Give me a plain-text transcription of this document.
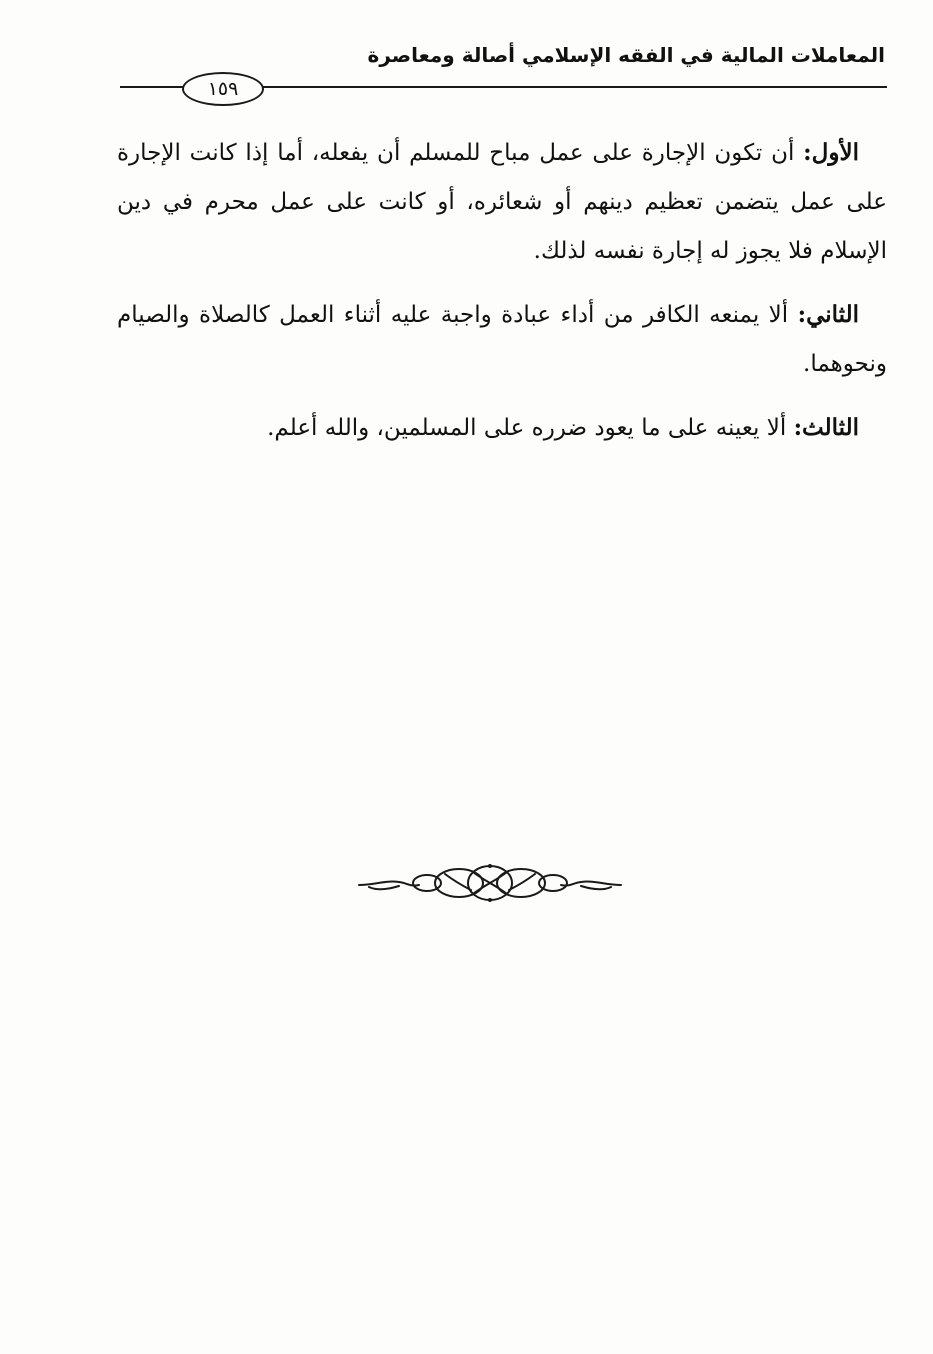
المعاملات المالية في الفقه الإسلامي أصالة ومعاصرة
١٥٩

الأول: أن تكون الإجارة على عمل مباح للمسلم أن يفعله، أما إذا كانت الإجارة على عمل يتضمن تعظيم دينهم أو شعائره، أو كانت على عمل محرم في دين الإسلام فلا يجوز له إجارة نفسه لذلك.

الثاني: ألا يمنعه الكافر من أداء عبادة واجبة عليه أثناء العمل كالصلاة والصيام ونحوهما.

الثالث: ألا يعينه على ما يعود ضرره على المسلمين، والله أعلم.
